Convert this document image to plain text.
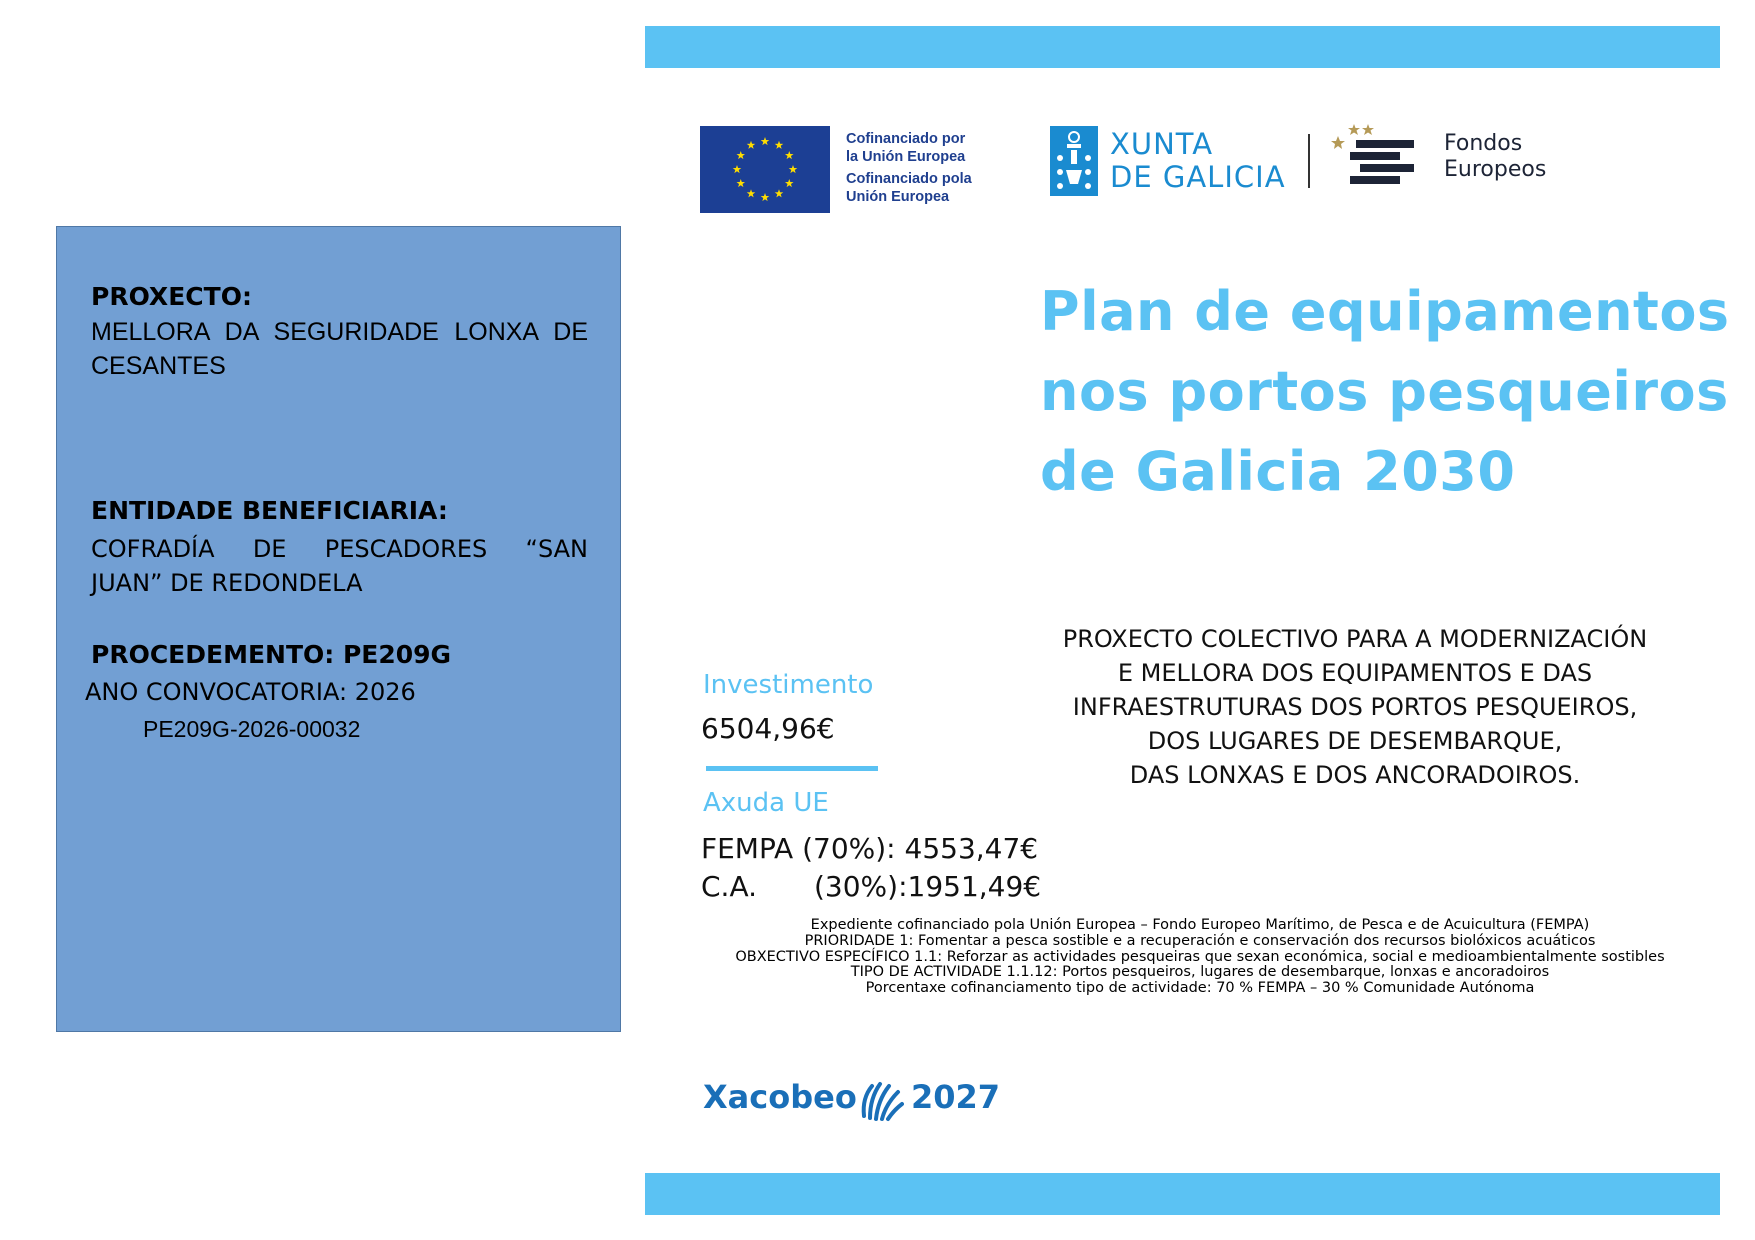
PROXECTO:
MELLORA DA SEGURIDADE LONXA DE
CESANTES
ENTIDADE BENEFICIARIA:
COFRADÍA DE PESCADORES “SAN
JUAN” DE REDONDELA
PROCEDEMENTO: PE209G
ANO CONVOCATORIA: 2026
PE209G-2026-00032
Cofinanciado por
la Unión Europea
Cofinanciado pola
Unión Europea
XUNTA
DE GALICIA
Fondos
Europeos
Plan de equipamentos
nos portos pesqueiros
de Galicia 2030
PROXECTO COLECTIVO PARA A MODERNIZACIÓN
E MELLORA DOS EQUIPAMENTOS E DAS
INFRAESTRUTURAS DOS PORTOS PESQUEIROS,
DOS LUGARES DE DESEMBARQUE,
DAS LONXAS E DOS ANCORADOIROS.
Investimento
6504,96€
Axuda UE
FEMPA (70%): 4553,47€
C.A. (30%):1951,49€
Expediente cofinanciado pola Unión Europea – Fondo Europeo Marítimo, de Pesca e de Acuicultura (FEMPA)
PRIORIDADE 1: Fomentar a pesca sostible e a recuperación e conservación dos recursos biolóxicos acuáticos
OBXECTIVO ESPECÍFICO 1.1: Reforzar as actividades pesqueiras que sexan económica, social e medioambientalmente sostibles
TIPO DE ACTIVIDADE 1.1.12: Portos pesqueiros, lugares de desembarque, lonxas e ancoradoiros
Porcentaxe cofinanciamento tipo de actividade: 70 % FEMPA – 30 % Comunidade Autónoma
Xacobeo 2027
